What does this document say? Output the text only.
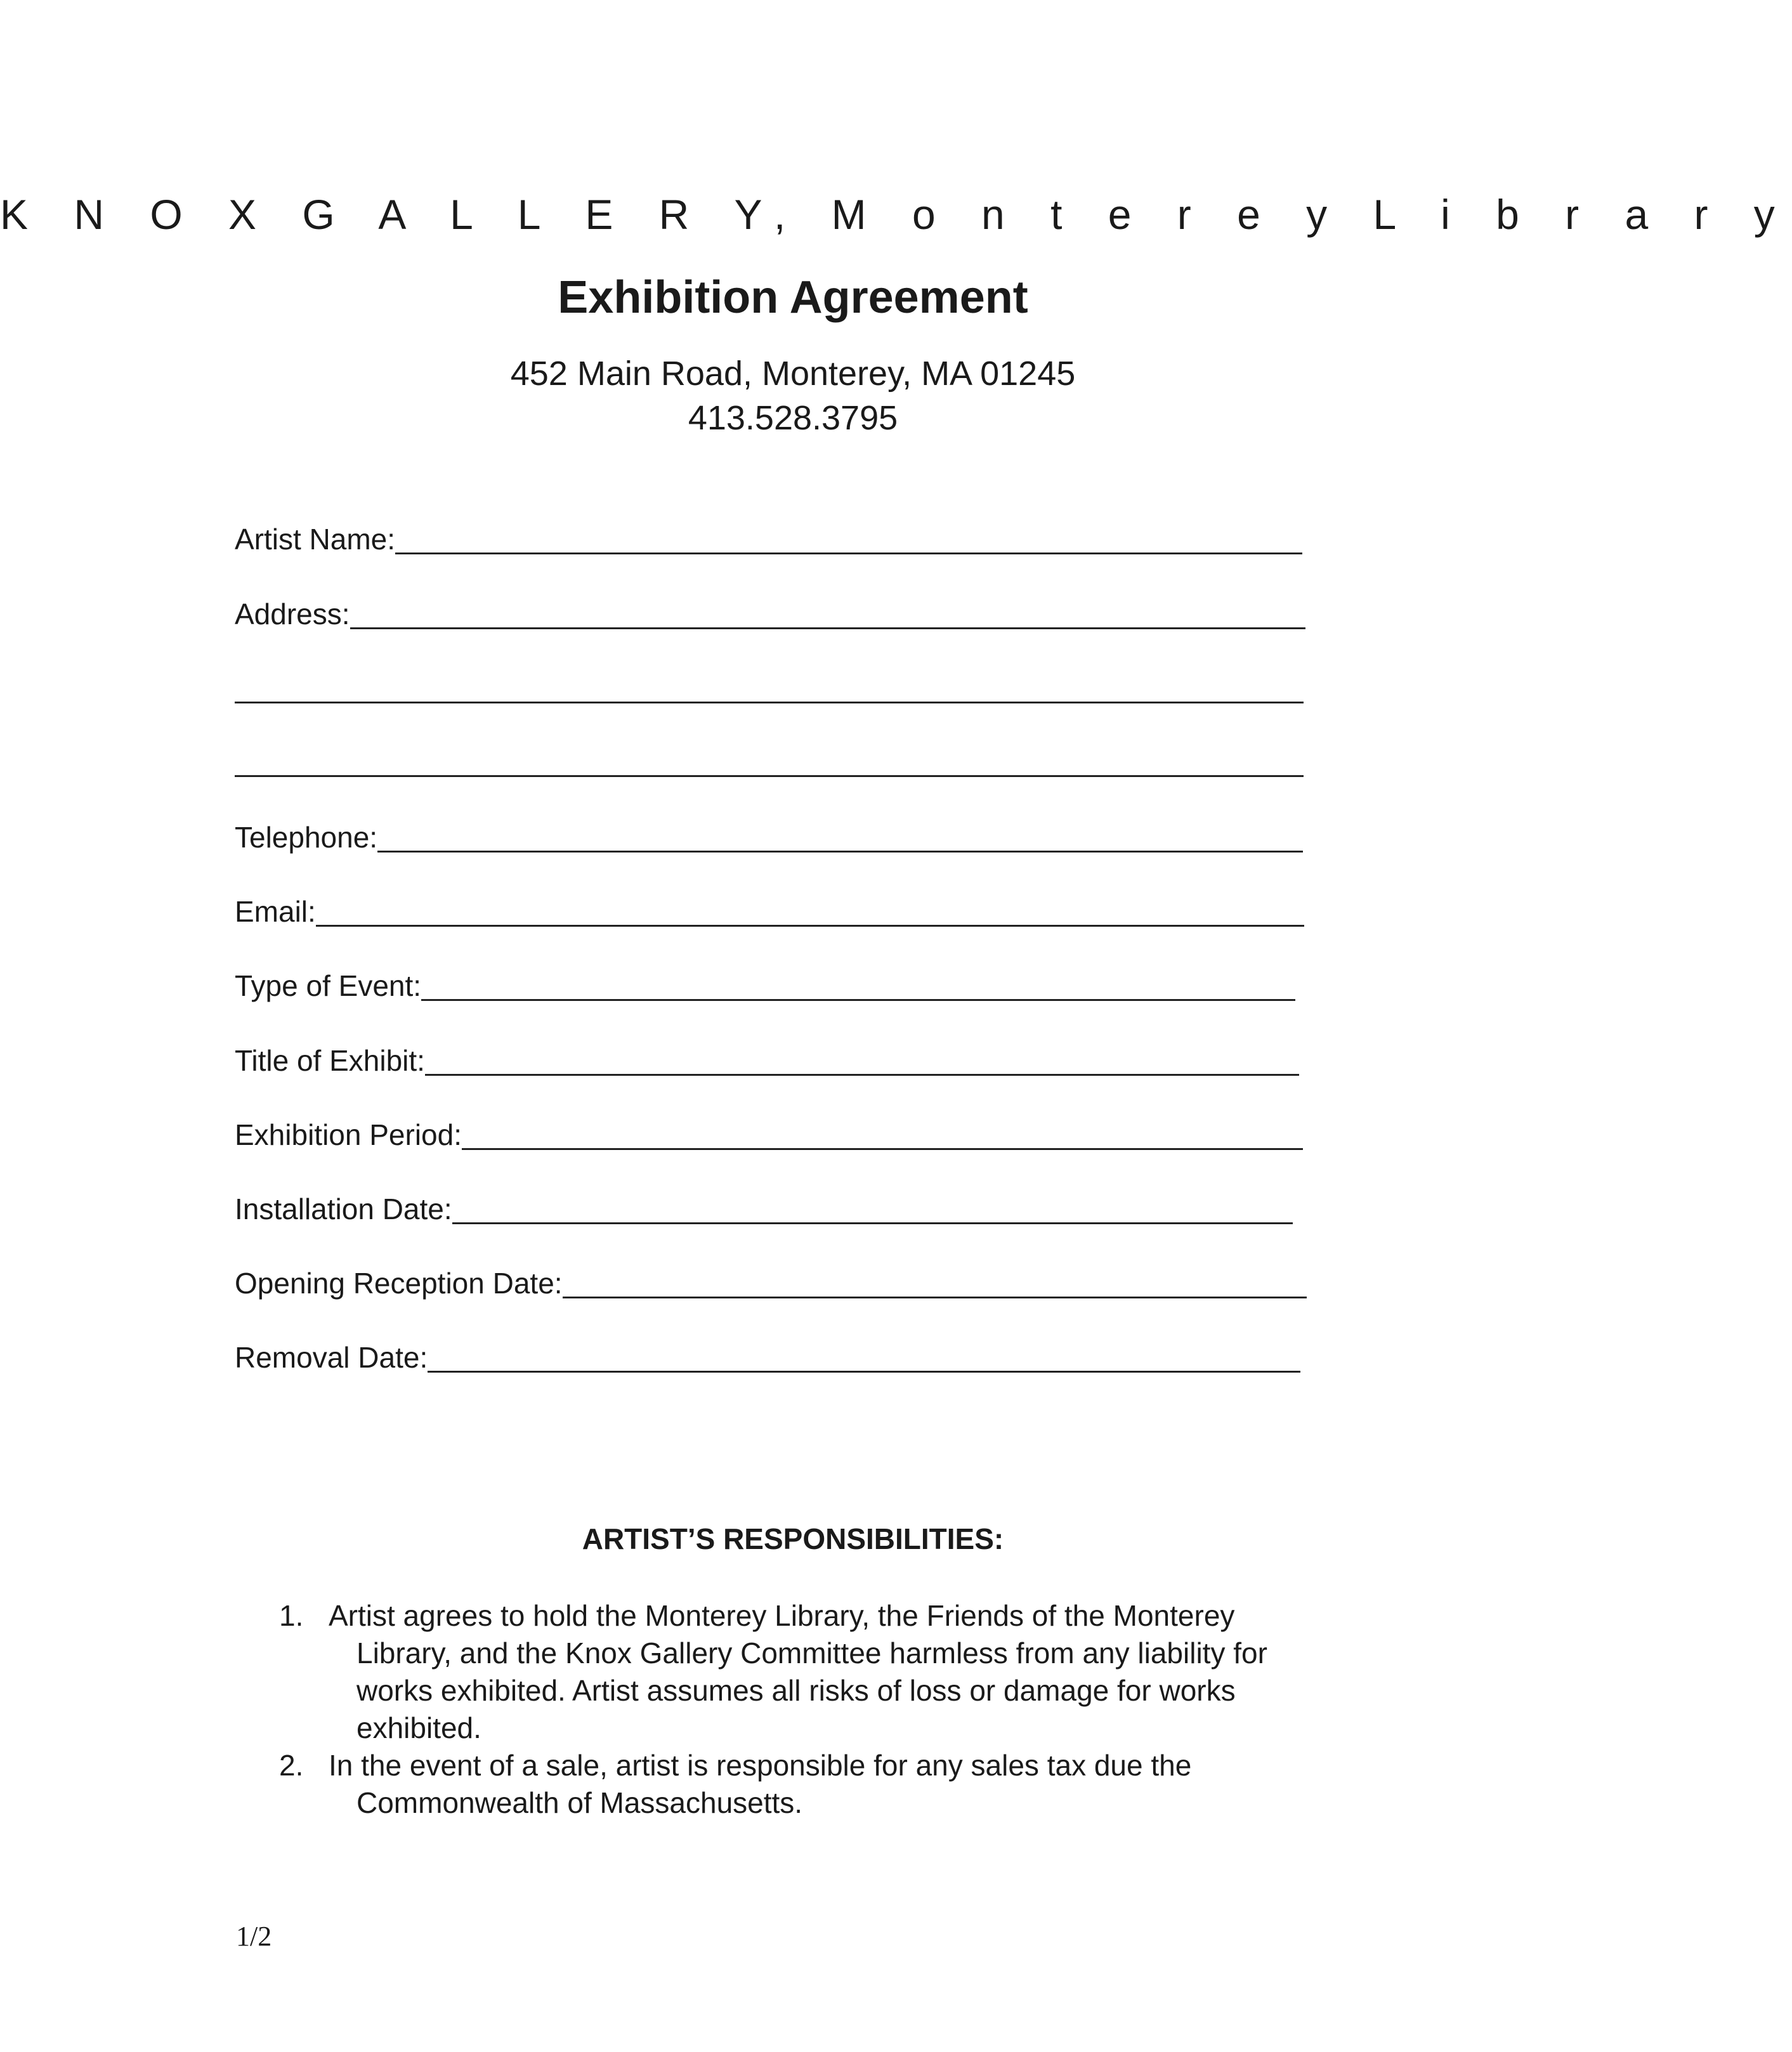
K N O X G A L L E R Y, M o n t e r e y L i b r a r y
Exhibition Agreement
452 Main Road, Monterey, MA 01245
413.528.3795
Artist Name:
Address:
Telephone:
Email:
Type of Event:
Title of Exhibit:
Exhibition Period:
Installation Date:
Opening Reception Date:
Removal Date:
ARTIST’S RESPONSIBILITIES:
1. Artist agrees to hold the Monterey Library, the Friends of the Monterey
Library, and the Knox Gallery Committee harmless from any liability for works exhibited. Artist assumes all risks of loss or damage for works exhibited.
2. In the event of a sale, artist is responsible for any sales tax due the
Commonwealth of Massachusetts.
1/2
